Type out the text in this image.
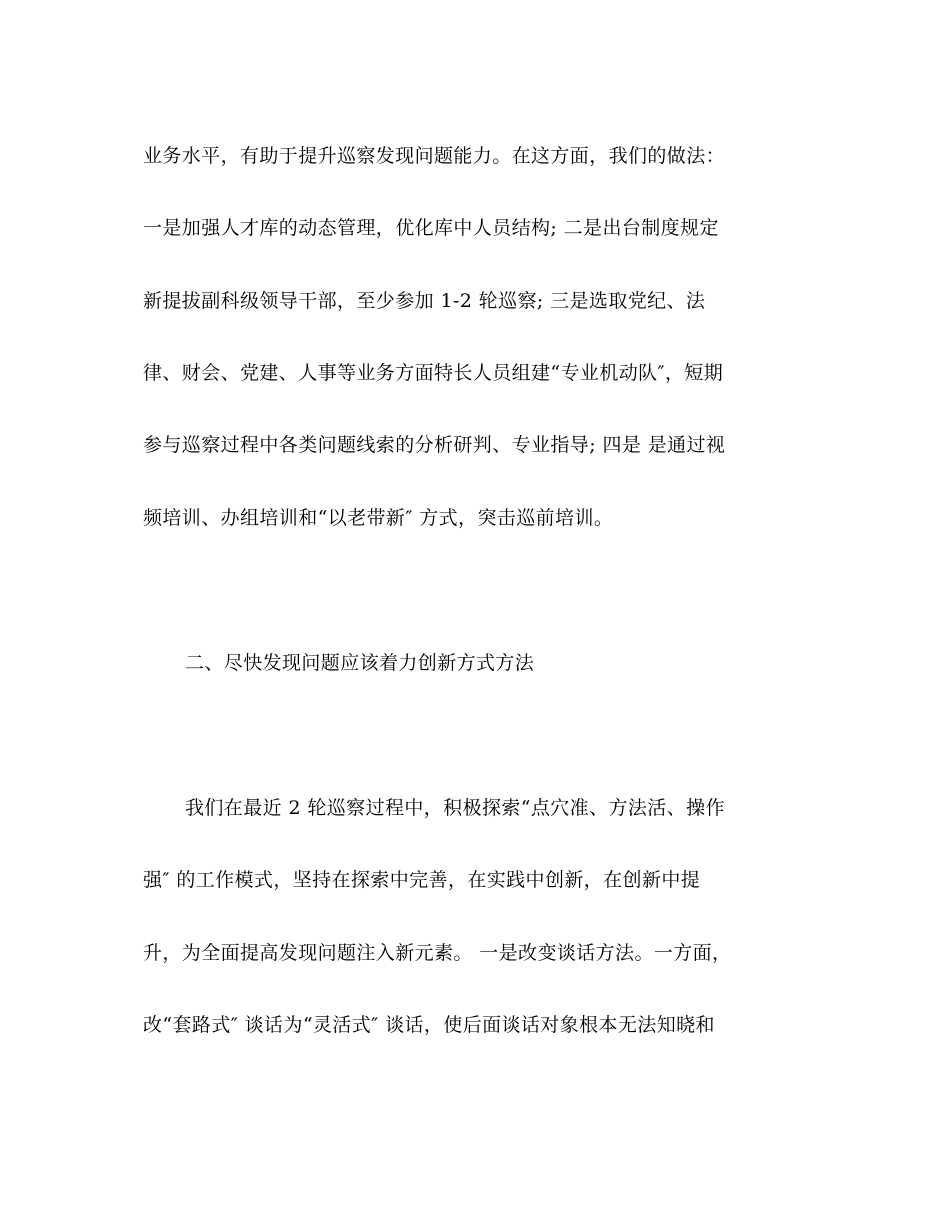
业务水平，有助于提升巡察发现问题能力。在这方面，我们的做法：
一是加强人才库的动态管理，优化库中人员结构; 二是出台制度规定
新提拔副科级领导干部，至少参加 1-2 轮巡察; 三是选取党纪、法
律、财会、党建、人事等业务方面特长人员组建“专业机动队″，短期
参与巡察过程中各类问题线索的分析研判、专业指导; 四是 是通过视
频培训、办组培训和“以老带新″ 方式，突击巡前培训。
二、尽快发现问题应该着力创新方式方法
我们在最近 2 轮巡察过程中，积极探索“点穴准、方法活、操作
强″ 的工作模式，坚持在探索中完善，在实践中创新，在创新中提
升，为全面提高发现问题注入新元素。 一是改变谈话方法。一方面，
改“套路式″ 谈话为“灵活式″ 谈话，使后面谈话对象根本无法知晓和
